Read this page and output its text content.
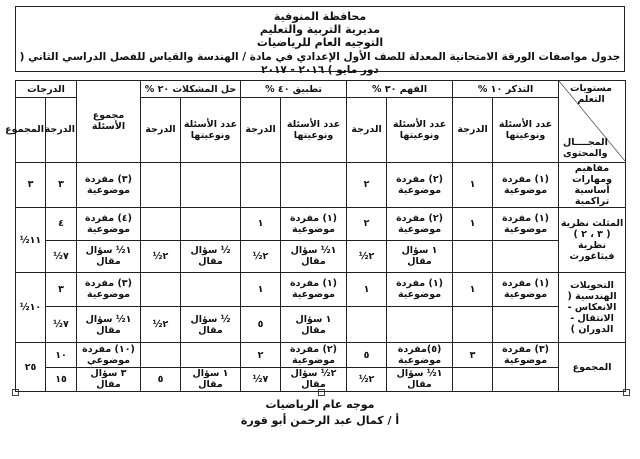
محافظة المنوفية

مديرية التربية والتعليم

التوجيه العام للرياضيات

جدول مواصفات الورقة الامتحانية المعدلة للصف الأول الإعدادي في مادة / الهندسة والقياس للفصل الدراسي الثاني ( دور مايو ) ٢٠١٦ - ٢٠١٧

مستويات التعلم
المجــــال والمحتوى	التذكر ١٠ %		الفهم ٣٠ %		تطبيق ٤٠ %		حل المشكلات ٢٠ %		مجموع الأسئلة	الدرجات	
	عدد الأسئلة ونوعيتها	الدرجة	عدد الأسئلة ونوعيتها	الدرجة	عدد الأسئلة ونوعيتها	الدرجة	عدد الأسئلة ونوعيتها	الدرجة		الدرجة	المجموع
مفاهيم ومهارات أساسية تراكمية	(١) مفردة موضوعية	١	(٢) مفردة موضوعية	٢					(٣) مفردة موضوعية	٣	٣
المثلث نظرية ( ٣ ، ٢ ) نظرية فيثاغورث	(١) مفردة موضوعية	١	(٢) مفردة موضوعية	٢	(١) مفردة موضوعية	١			(٤) مفردة موضوعية	٤	١١½
			١ سؤال مقال	٢½	١½ سؤال مقال	٢½	½ سؤال مقال	٢½	١½ سؤال مقال	٧½	
التحويلات الهندسية ( الانعكاس - الانتقال - الدوران )	(١) مفردة موضوعية	١	(١) مفردة موضوعية	١	(١) مفردة موضوعية	١			(٣) مفردة موضوعية	٣	١٠½
					١ سؤال مقال	٥	½ سؤال مقال	٢½	١½ سؤال مقال	٧½	
المجموع	(٣) مفردة موضوعية	٣	(٥)مفردة موضوعية	٥	(٢) مفردة موضوعية	٢			(١٠) مفردة موضوعي	١٠	٢٥
			١½ سؤال مقال	٢½	٢½ سؤال مقال	٧½	١ سؤال مقال	٥	٣ سؤال مقال	١٥	

موجه عام الرياضيات

أ / كمال عبد الرحمن أبو قورة
